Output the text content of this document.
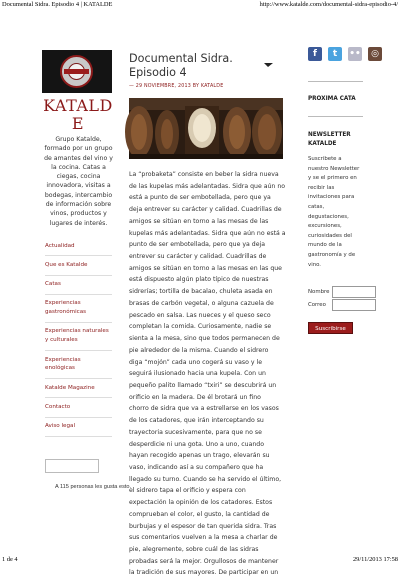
Documental Sidra. Episodio 4 | KATALDE	http://www.katalde.com/documental-sidra-episodio-4/
KATALD
E
Grupo Katalde,
formado por un grupo
de amantes del vino y
la cocina. Catas a
ciegas, cocina
innovadora, visitas a
bodegas, intercambio
de información sobre
vinos, productos y
lugares de interés.
Actualidad
Que es Katalde
Catas
Experiencias
gastronómicas
Experiencias naturales
y culturales
Experiencias
enológicas
Katalde Magazine
Contacto
Aviso legal
A 115 personas les gusta esto.
Documental Sidra.
Episodio 4
— 29 NOVIEMBRE, 2013 BY KATALDE
La “probaketa” consiste en beber la sidra nueva
de las kupelas más adelantadas. Sidra que aún no
está a punto de ser embotellada, pero que ya
deja entrever su carácter y calidad. Cuadrillas de
amigos se sitúan en torno a las mesas de las
kupelas más adelantadas. Sidra que aún no está a
punto de ser embotellada, pero que ya deja
entrever su carácter y calidad. Cuadrillas de
amigos se sitúan en torno a las mesas en las que
está dispuesto algún plato típico de nuestras
sidrerías; tortilla de bacalao, chuleta asada en
brasas de carbón vegetal, o alguna cazuela de
pescado en salsa. Las nueces y el queso seco
completan la comida. Curiosamente, nadie se
sienta a la mesa, sino que todos permanecen de
pie alrededor de la misma. Cuando el sidrero
diga “mojón” cada uno cogerá su vaso y le
seguirá ilusionado hacia una kupela. Con un
pequeño palito llamado “txiri” se descubrirá un
orificio en la madera. De él brotará un fino
chorro de sidra que va a estrellarse en los vasos
de los catadores, que irán interceptando su
trayectoria sucesivamente, para que no se
desperdicie ni una gota. Uno a uno, cuando
hayan recogido apenas un trago, elevarán su
vaso, indicando así a su compañero que ha
llegado su turno. Cuando se ha servido el último,
el sidrero tapa el orificio y espera con
expectación la opinión de los catadores. Estos
comprueban el color, el gusto, la cantidad de
burbujas y el espesor de tan querida sidra. Tras
sus comentarios vuelven a la mesa a charlar de
pie, alegremente, sobre cuál de las sidras
probadas será la mejor. Orgullosos de mantener
la tradición de sus mayores. De participar en un
f	t	••	◎
PROXIMA CATA
NEWSLETTER
KATALDE
Suscribete a
nuestro Newsletter
y se el primero en
recibir las
invitaciones para
catas,
degustaciones,
excursiones,
curiosidades del
mundo de la
gastronomía y de
vino.
Nombre
Correo
Suscribirse
1 de 4	29/11/2013 17:58
